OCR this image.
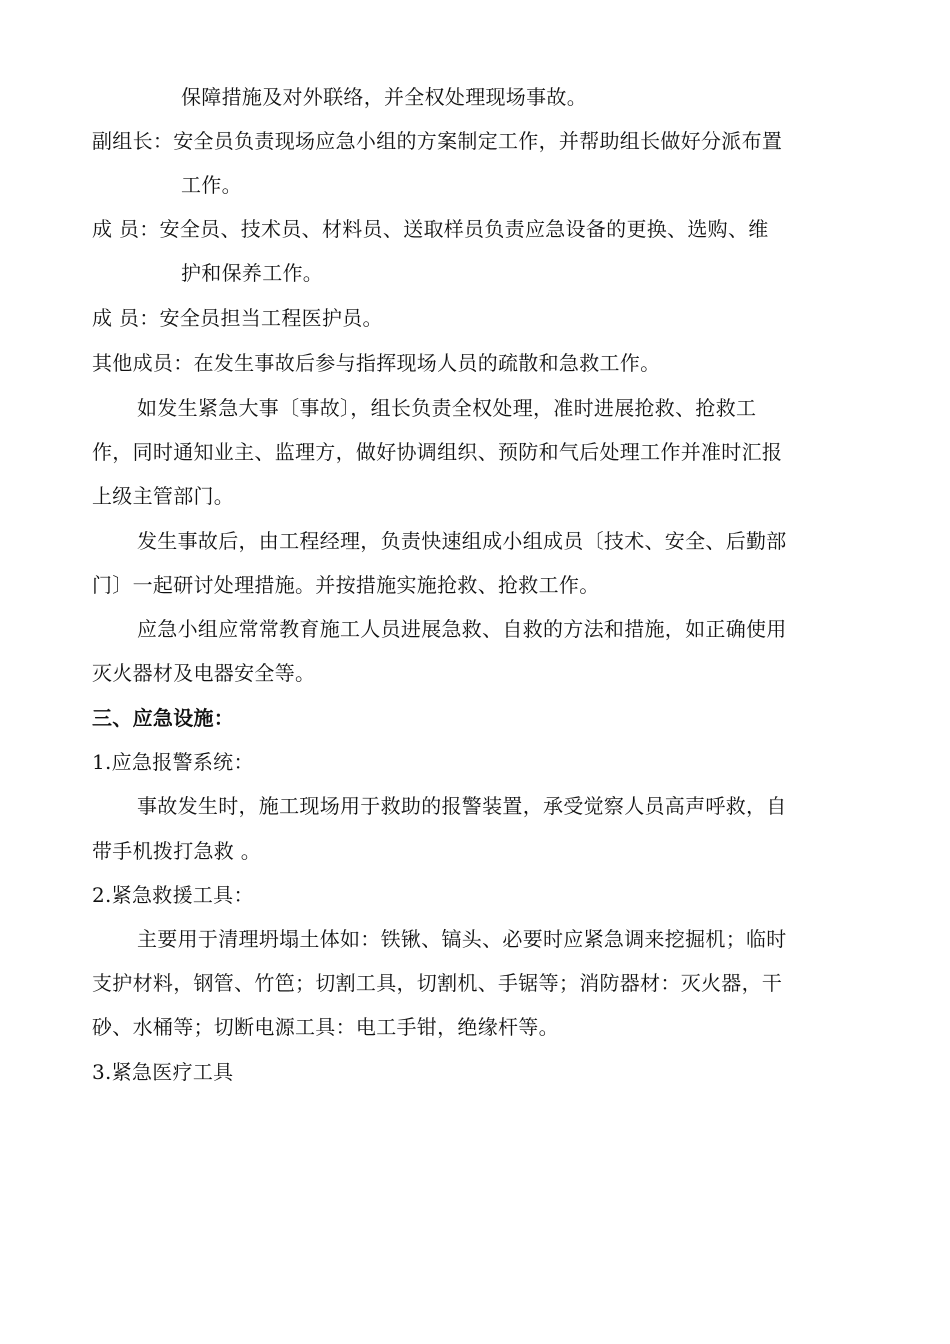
保障措施及对外联络，并全权处理现场事故。
副组长：安全员负责现场应急小组的方案制定工作，并帮助组长做好分派布置
工作。
成 员：安全员、技术员、材料员、送取样员负责应急设备的更换、选购、维
护和保养工作。
成 员：安全员担当工程医护员。
其他成员：在发生事故后参与指挥现场人员的疏散和急救工作。
如发生紧急大事〔事故〕，组长负责全权处理，准时进展抢救、抢救工
作，同时通知业主、监理方，做好协调组织、预防和气后处理工作并准时汇报
上级主管部门。
发生事故后，由工程经理，负责快速组成小组成员〔技术、安全、后勤部
门〕一起研讨处理措施。并按措施实施抢救、抢救工作。
应急小组应常常教育施工人员进展急救、自救的方法和措施，如正确使用
灭火器材及电器安全等。
三、应急设施：
1.应急报警系统：
事故发生时，施工现场用于救助的报警装置，承受觉察人员高声呼救，自
带手机拨打急救 。
2.紧急救援工具：
主要用于清理坍塌土体如：铁锹、镐头、必要时应紧急调来挖掘机；临时
支护材料，钢管、竹笆；切割工具，切割机、手锯等；消防器材：灭火器，干
砂、水桶等；切断电源工具：电工手钳，绝缘杆等。
3.紧急医疗工具
